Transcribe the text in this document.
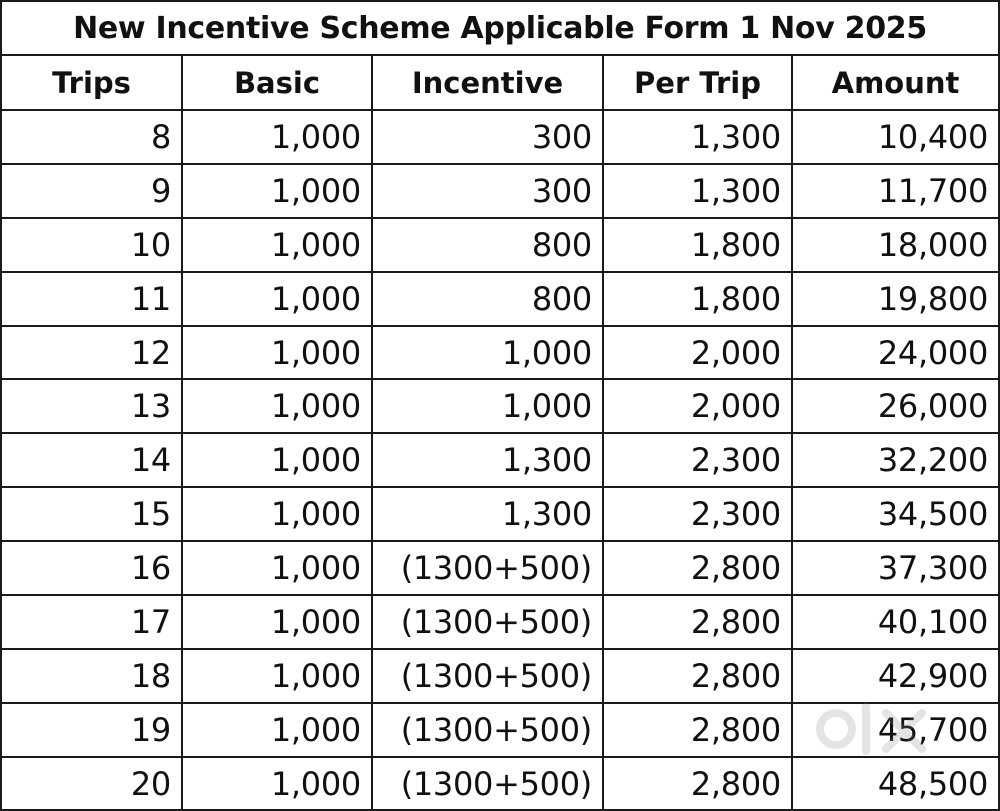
New Incentive Scheme Applicable Form 1 Nov 2025
Trips	Basic	Incentive	Per Trip	Amount
8	1,000	300	1,300	10,400
9	1,000	300	1,300	11,700
10	1,000	800	1,800	18,000
11	1,000	800	1,800	19,800
12	1,000	1,000	2,000	24,000
13	1,000	1,000	2,000	26,000
14	1,000	1,300	2,300	32,200
15	1,000	1,300	2,300	34,500
16	1,000	(1300+500)	2,800	37,300
17	1,000	(1300+500)	2,800	40,100
18	1,000	(1300+500)	2,800	42,900
19	1,000	(1300+500)	2,800	45,700
20	1,000	(1300+500)	2,800	48,500
